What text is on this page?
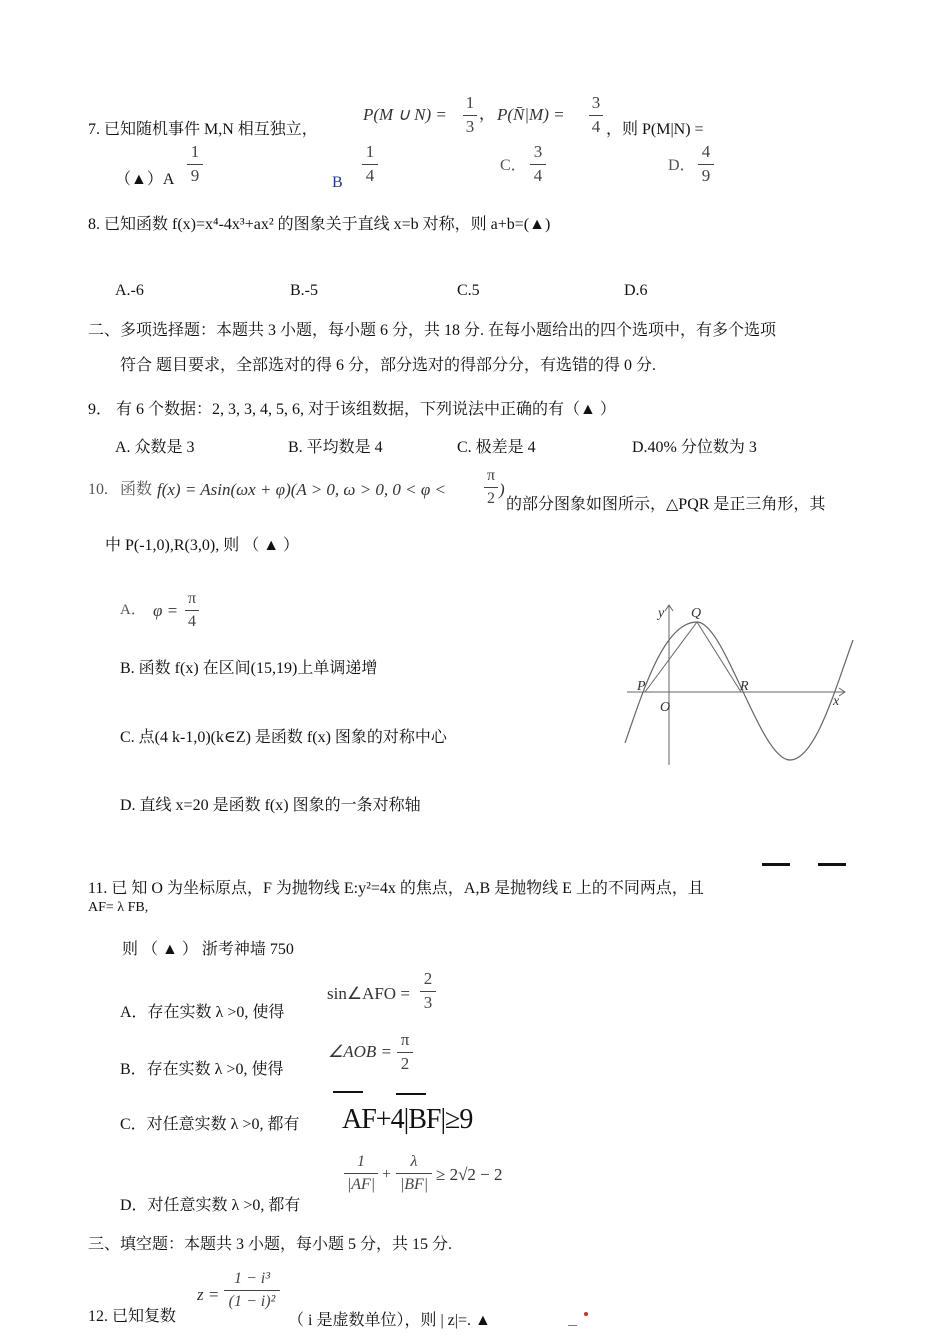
7. 已知随机事件 M,N 相互独立，
P(M ∪ N) =
1
3
， P(N̄|M) =
3
4 ，则 P(M|N) =
（▲）A
1
9	B
1
4
C．
3
4
D．
4
9
8. 已知函数 f(x)=x⁴-4x³+ax² 的图象关于直线 x=b 对称，则 a+b=(▲)
A.-6	B.-5	C.5	D.6
二、多项选择题：本题共 3 小题，每小题 6 分，共 18 分. 在每小题给出的四个选项中，有多个选项
符合 题目要求，全部选对的得 6 分，部分选对的得部分分，有选错的得 0 分.
9． 有 6 个数据：2, 3, 3, 4, 5, 6, 对于该组数据，下列说法中正确的有（▲ ）
A. 众数是 3	B. 平均数是 4	C. 极差是 4	D.40% 分位数为 3
10. 函数 f(x) = Asin(ωx + φ)(A > 0, ω > 0, 0 < φ <
π
2 )
的部分图象如图所示，△PQR 是正三角形，其
中 P(-1,0),R(3,0), 则 （ ▲ ）
A． φ =
π
4
B. 函数 f(x) 在区间(15,19)上单调递增
C. 点(4 k-1,0)(k∈Z) 是函数 f(x) 图象的对称中心
D. 直线 x=20 是函数 f(x) 图象的一条对称轴
y Q
P	R
O	x
11. 已 知 O 为坐标原点，F 为抛物线 E:y²=4x 的焦点，A,B 是抛物线 E 上的不同两点，且
AF= λ FB,
则 （ ▲ ） 浙考神墙 750
A．存在实数 λ >0, 使得
sin∠AFO =
2
3
B．存在实数 λ >0, 使得
∠AOB =
π
2
C．对任意实数 λ >0, 都有 AF+4|BF|≥9
D．对任意实数 λ >0, 都有
1
|AF|
+
λ
|BF|
≥ 2√2 − 2
三、填空题：本题共 3 小题，每小题 5 分，共 15 分.
z =
1 − i³
(1 − i)²
12. 已知复数	（ i 是虚数单位），则 | z|=. ▲
